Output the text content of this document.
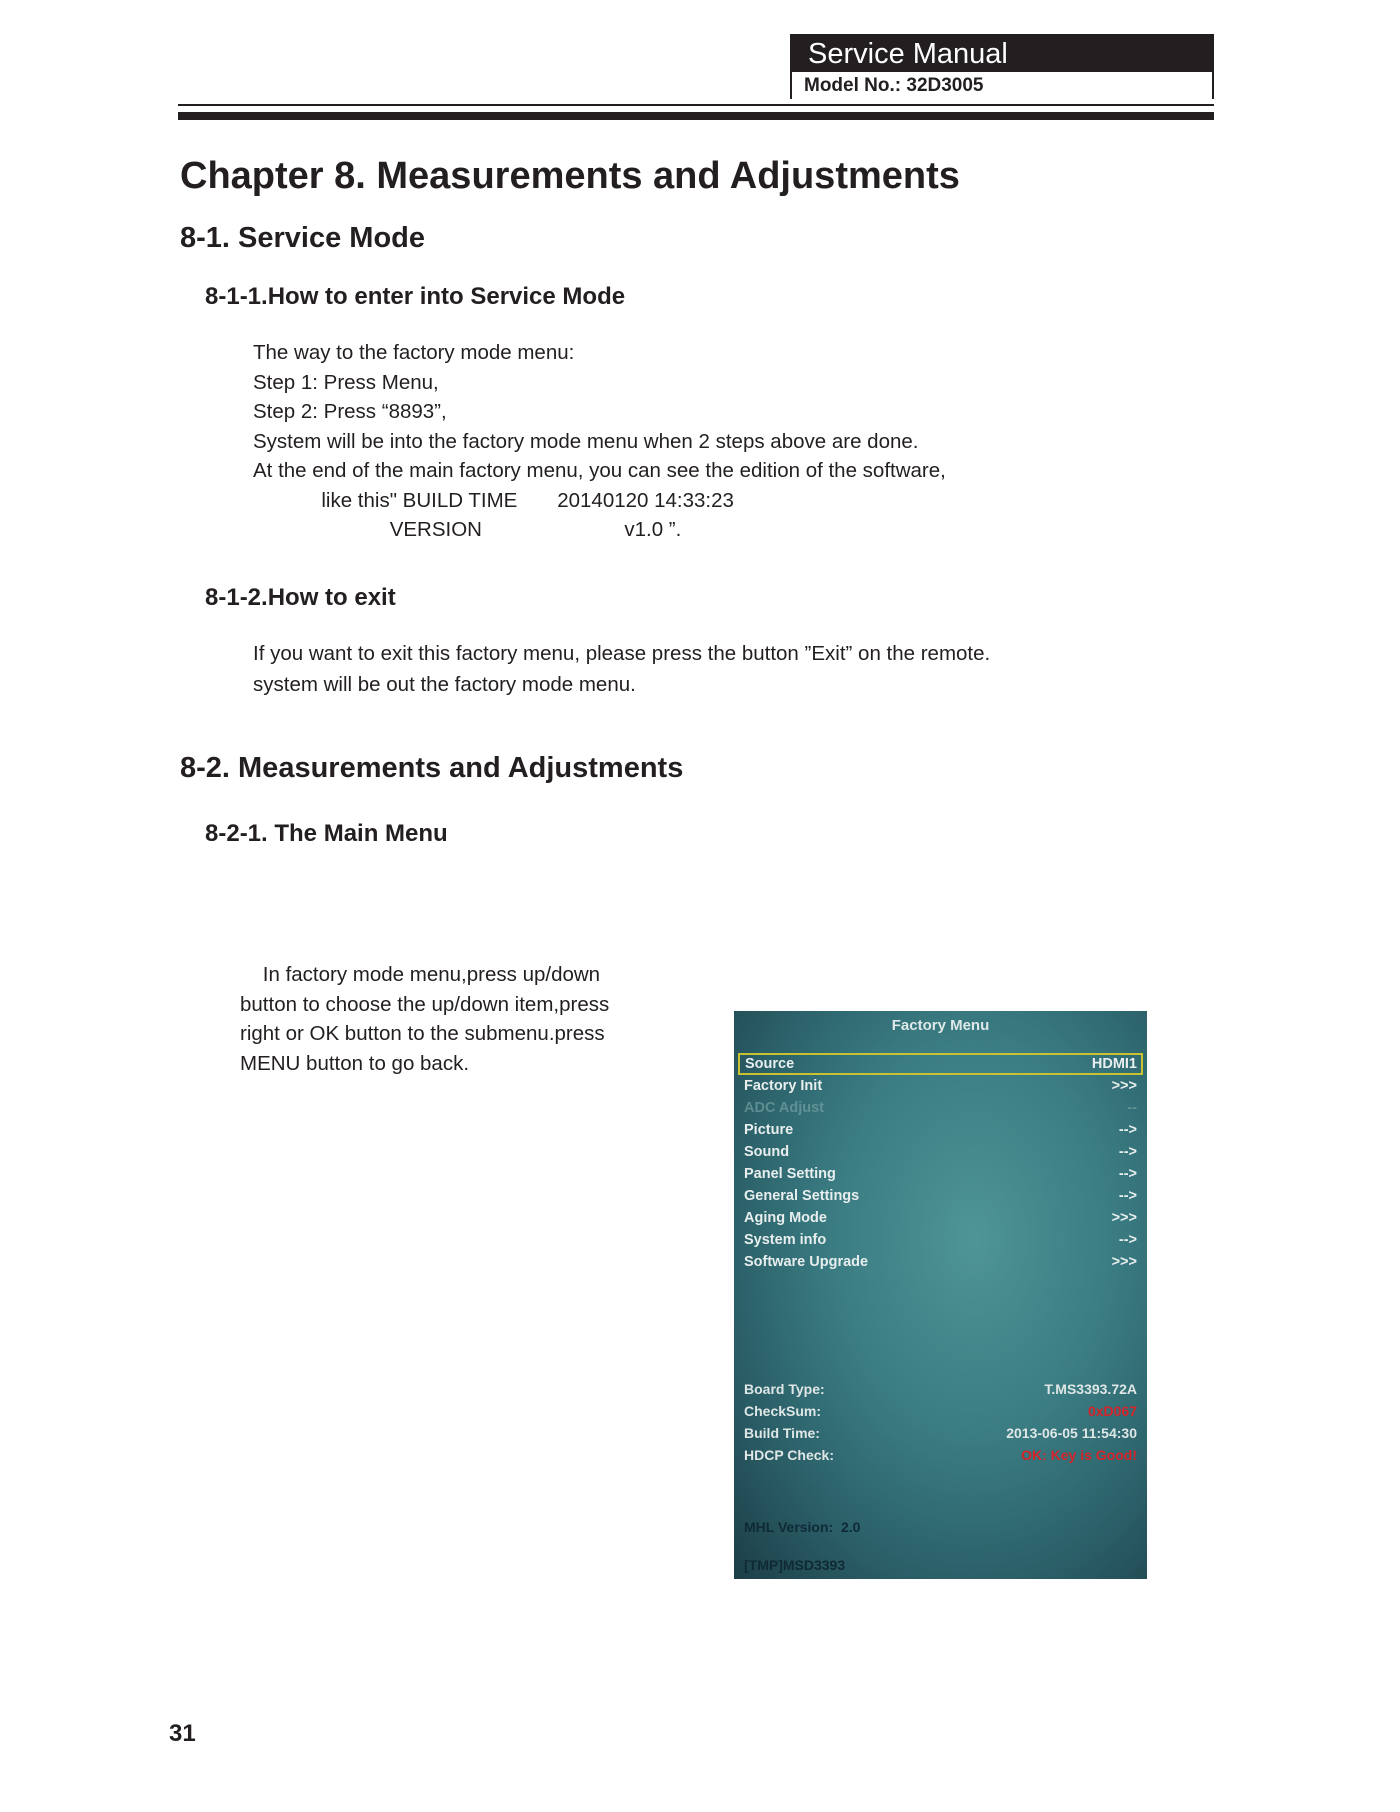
Service Manual
Model No.: 32D3005
Chapter 8. Measurements and Adjustments
8-1. Service Mode
8-1-1.How to enter into Service Mode
The way to the factory mode menu:
Step 1: Press Menu,
Step 2: Press “8893”,
System will be into the factory mode menu when 2 steps above are done.
At the end of the main factory menu, you can see the edition of the software,
like this" BUILD TIME       20140120 14:33:23
VERSION                         v1.0 ”.
8-1-2.How to exit
If you want to exit this factory menu, please press the button ”Exit” on the remote.
system will be out the factory mode menu.
8-2. Measurements and Adjustments
8-2-1. The Main Menu
In factory mode menu,press up/down
button to choose the up/down item,press
right or OK button to the submenu.press
MENU button to go back.
Factory Menu
Source	HDMI1
Factory Init	>>>
ADC Adjust	--
Picture	-->
Sound	-->
Panel Setting	-->
General Settings	-->
Aging Mode	>>>
System info	-->
Software Upgrade	>>>
Board Type:	T.MS3393.72A
CheckSum:	0xD067
Build Time:	2013-06-05 11:54:30
HDCP Check:	OK: Key is Good!
MHL Version:  2.0
[TMP]MSD3393
31
